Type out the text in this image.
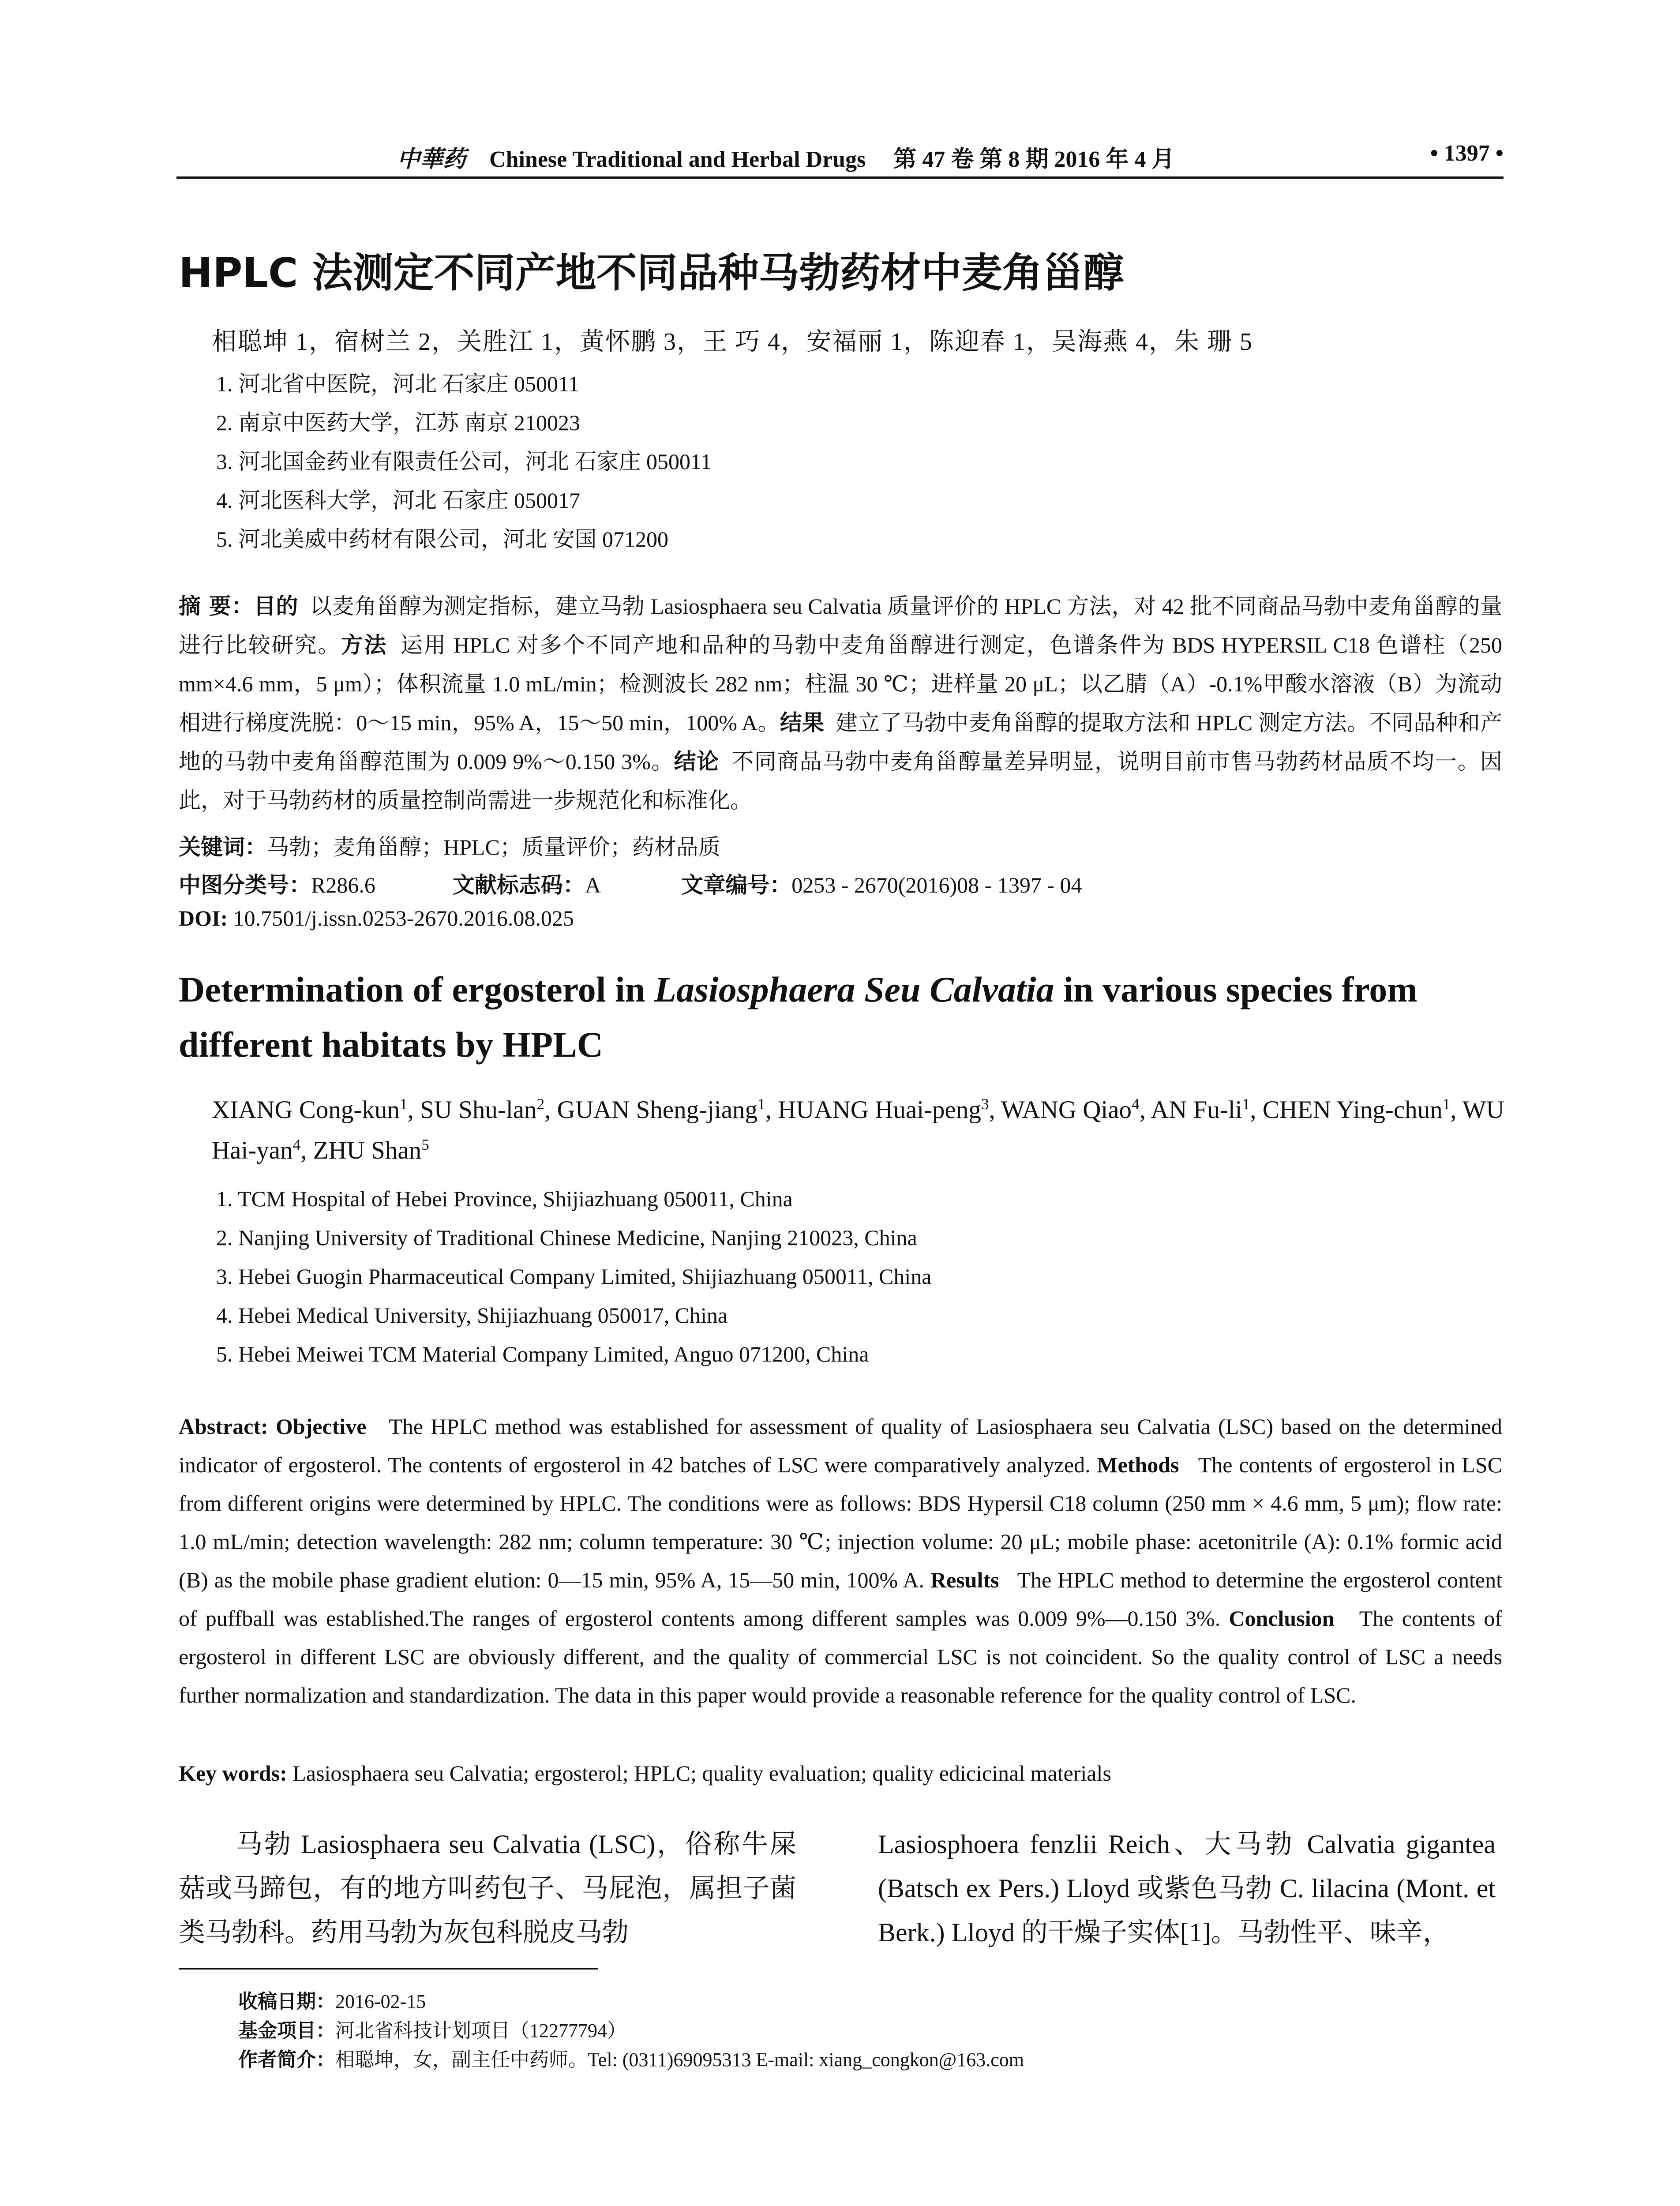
中華药 Chinese Traditional and Herbal Drugs 第 47 卷 第 8 期 2016 年 4 月	• 1397 •
HPLC 法测定不同产地不同品种马勃药材中麦角甾醇
相聪坤 1，宿树兰 2，关胜江 1，黄怀鹏 3，王 巧 4，安福丽 1，陈迎春 1，吴海燕 4，朱 珊 5
1. 河北省中医院，河北 石家庄 050011
2. 南京中医药大学，江苏 南京 210023
3. 河北国金药业有限责任公司，河北 石家庄 050011
4. 河北医科大学，河北 石家庄 050017
5. 河北美威中药材有限公司，河北 安国 071200
摘 要：目的 以麦角甾醇为测定指标，建立马勃 Lasiosphaera seu Calvatia 质量评价的 HPLC 方法，对 42 批不同商品马勃中麦角甾醇的量进行比较研究。方法 运用 HPLC 对多个不同产地和品种的马勃中麦角甾醇进行测定，色谱条件为 BDS HYPERSIL C18 色谱柱（250 mm×4.6 mm，5 μm）；体积流量 1.0 mL/min；检测波长 282 nm；柱温 30 ℃；进样量 20 μL；以乙腈（A）-0.1%甲酸水溶液（B）为流动相进行梯度洗脱：0～15 min，95% A，15～50 min，100% A。结果 建立了马勃中麦角甾醇的提取方法和 HPLC 测定方法。不同品种和产地的马勃中麦角甾醇范围为 0.009 9%～0.150 3%。结论 不同商品马勃中麦角甾醇量差异明显，说明目前市售马勃药材品质不均一。因此，对于马勃药材的质量控制尚需进一步规范化和标准化。
关键词：马勃；麦角甾醇；HPLC；质量评价；药材品质
中图分类号：R286.6	文献标志码：A	文章编号：0253 - 2670(2016)08 - 1397 - 04
DOI: 10.7501/j.issn.0253-2670.2016.08.025
Determination of ergosterol in Lasiosphaera Seu Calvatia in various species from different habitats by HPLC
XIANG Cong-kun$^1$, SU Shu-lan$^2$, GUAN Sheng-jiang$^1$, HUANG Huai-peng$^3$, WANG Qiao$^4$, AN $Fu-li^1$, CHEN Ying-chun$^1$, WU Hai-yan$^4$, ZHU Shan$^5$
1. TCM Hospital of Hebei Province, Shijiazhuang 050011, China
2. Nanjing University of Traditional Chinese Medicine, Nanjing 210023, China
3. Hebei Guogin Pharmaceutical Company Limited, Shijiazhuang 050011, China
4. Hebei Medical University, Shijiazhuang 050017, China
5. Hebei Meiwei TCM Material Company Limited, Anguo 071200, China
Abstract: Objective The HPLC method was established for assessment of quality of Lasiosphaera seu Calvatia (LSC) based on the determined indicator of ergosterol. The contents of ergosterol in 42 batches of LSC were comparatively analyzed. Methods The contents of ergosterol in LSC from different origins were determined by HPLC. The conditions were as follows: BDS Hypersil C18 column (250 mm × 4.6 mm, 5 μm); flow rate: 1.0 mL/min; detection wavelength: 282 nm; column temperature: 30 ℃; injection volume: 20 μL; mobile phase: acetonitrile (A): 0.1% formic acid (B) as the mobile phase gradient elution: 0—15 min, 95% A, 15—50 min, 100% A. Results The HPLC method to determine the ergosterol content of puffball was established.The ranges of ergosterol contents among different samples was 0.009 9%—0.150 3%. Conclusion The contents of ergosterol in different LSC are obviously different, and the quality of commercial LSC is not coincident. So the quality control of LSC a needs further normalization and standardization. The data in this paper would provide a reasonable reference for the quality control of LSC.
Key words: Lasiosphaera seu Calvatia; ergosterol; HPLC; quality evaluation; quality edicicinal materials
马勃 Lasiosphaera seu Calvatia (LSC)，俗称牛屎菇或马蹄包，有的地方叫药包子、马屁泡，属担子菌类马勃科。药用马勃为灰包科脱皮马勃
Lasiosphoera fenzlii Reich、大马勃 Calvatia gigantea (Batsch ex Pers.) Lloyd 或紫色马勃 C. lilacina (Mont. et Berk.) Lloyd 的干燥子实体[1]。马勃性平、味辛，
收稿日期：2016-02-15
基金项目：河北省科技计划项目（12277794）
作者简介：相聪坤，女，副主任中药师。Tel: (0311)69095313 E-mail: xiang_congkon@163.com
